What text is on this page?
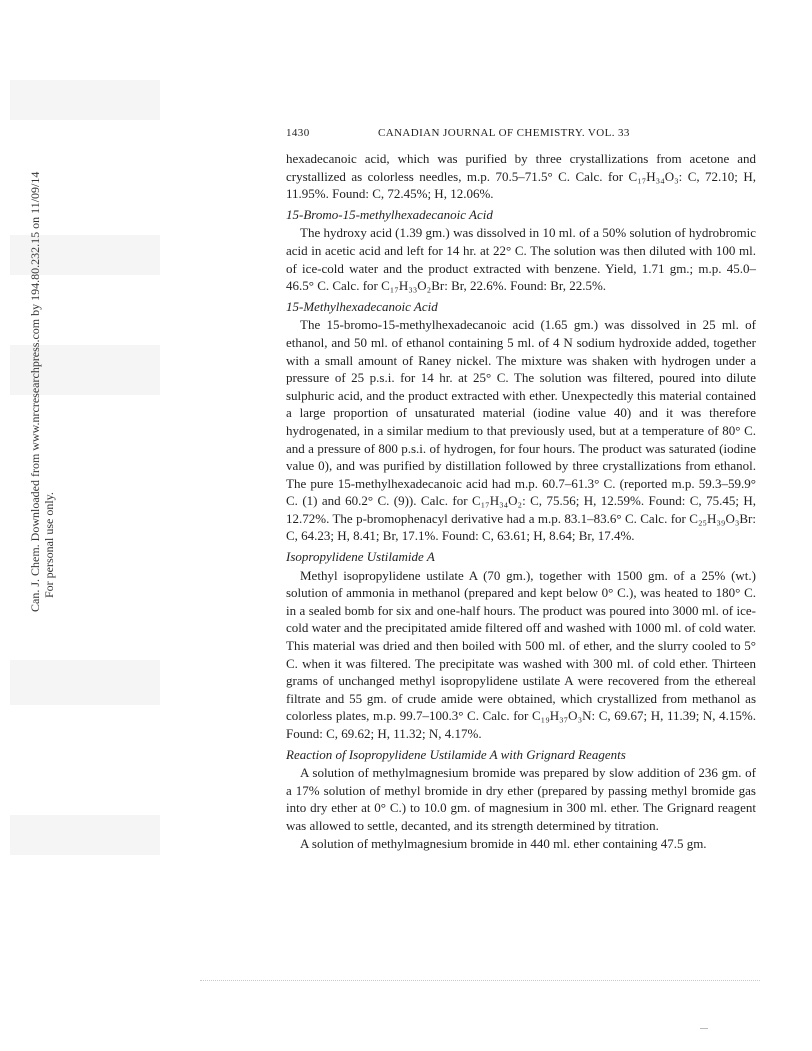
Can. J. Chem. Downloaded from www.nrcresearchpress.com by 194.80.232.15 on 11/09/14 For personal use only.
1430	CANADIAN JOURNAL OF CHEMISTRY. VOL. 33

hexadecanoic acid, which was purified by three crystallizations from acetone and crystallized as colorless needles, m.p. 70.5–71.5° C. Calc. for C₁₇H₃₄O₃: C, 72.10; H, 11.95%. Found: C, 72.45%; H, 12.06%.

15-Bromo-15-methylhexadecanoic Acid

The hydroxy acid (1.39 gm.) was dissolved in 10 ml. of a 50% solution of hydrobromic acid in acetic acid and left for 14 hr. at 22° C. The solution was then diluted with 100 ml. of ice-cold water and the product extracted with benzene. Yield, 1.71 gm.; m.p. 45.0–46.5° C. Calc. for C₁₇H₃₃O₂Br: Br, 22.6%. Found: Br, 22.5%.

15-Methylhexadecanoic Acid

The 15-bromo-15-methylhexadecanoic acid (1.65 gm.) was dissolved in 25 ml. of ethanol, and 50 ml. of ethanol containing 5 ml. of 4 N sodium hydroxide added, together with a small amount of Raney nickel. The mixture was shaken with hydrogen under a pressure of 25 p.s.i. for 14 hr. at 25° C. The solution was filtered, poured into dilute sulphuric acid, and the product extracted with ether. Unexpectedly this material contained a large proportion of unsaturated material (iodine value 40) and it was therefore hydrogenated, in a similar medium to that previously used, but at a temperature of 80° C. and a pressure of 800 p.s.i. of hydrogen, for four hours. The product was saturated (iodine value 0), and was purified by distillation followed by three crystallizations from ethanol. The pure 15-methylhexadecanoic acid had m.p. 60.7–61.3° C. (reported m.p. 59.3–59.9° C. (1) and 60.2° C. (9)). Calc. for C₁₇H₃₄O₂: C, 75.56; H, 12.59%. Found: C, 75.45; H, 12.72%. The p-bromophenacyl derivative had a m.p. 83.1–83.6° C. Calc. for C₂₅H₃₉O₃Br: C, 64.23; H, 8.41; Br, 17.1%. Found: C, 63.61; H, 8.64; Br, 17.4%.

Isopropylidene Ustilamide A

Methyl isopropylidene ustilate A (70 gm.), together with 1500 gm. of a 25% (wt.) solution of ammonia in methanol (prepared and kept below 0° C.), was heated to 180° C. in a sealed bomb for six and one-half hours. The product was poured into 3000 ml. of ice-cold water and the precipitated amide filtered off and washed with 1000 ml. of cold water. This material was dried and then boiled with 500 ml. of ether, and the slurry cooled to 5° C. when it was filtered. The precipitate was washed with 300 ml. of cold ether. Thirteen grams of unchanged methyl isopropylidene ustilate A were recovered from the ethereal filtrate and 55 gm. of crude amide were obtained, which crystallized from methanol as colorless plates, m.p. 99.7–100.3° C. Calc. for C₁₉H₃₇O₃N: C, 69.67; H, 11.39; N, 4.15%. Found: C, 69.62; H, 11.32; N, 4.17%.

Reaction of Isopropylidene Ustilamide A with Grignard Reagents

A solution of methylmagnesium bromide was prepared by slow addition of 236 gm. of a 17% solution of methyl bromide in dry ether (prepared by passing methyl bromide gas into dry ether at 0° C.) to 10.0 gm. of magnesium in 300 ml. ether. The Grignard reagent was allowed to settle, decanted, and its strength determined by titration.

A solution of methylmagnesium bromide in 440 ml. ether containing 47.5 gm.
